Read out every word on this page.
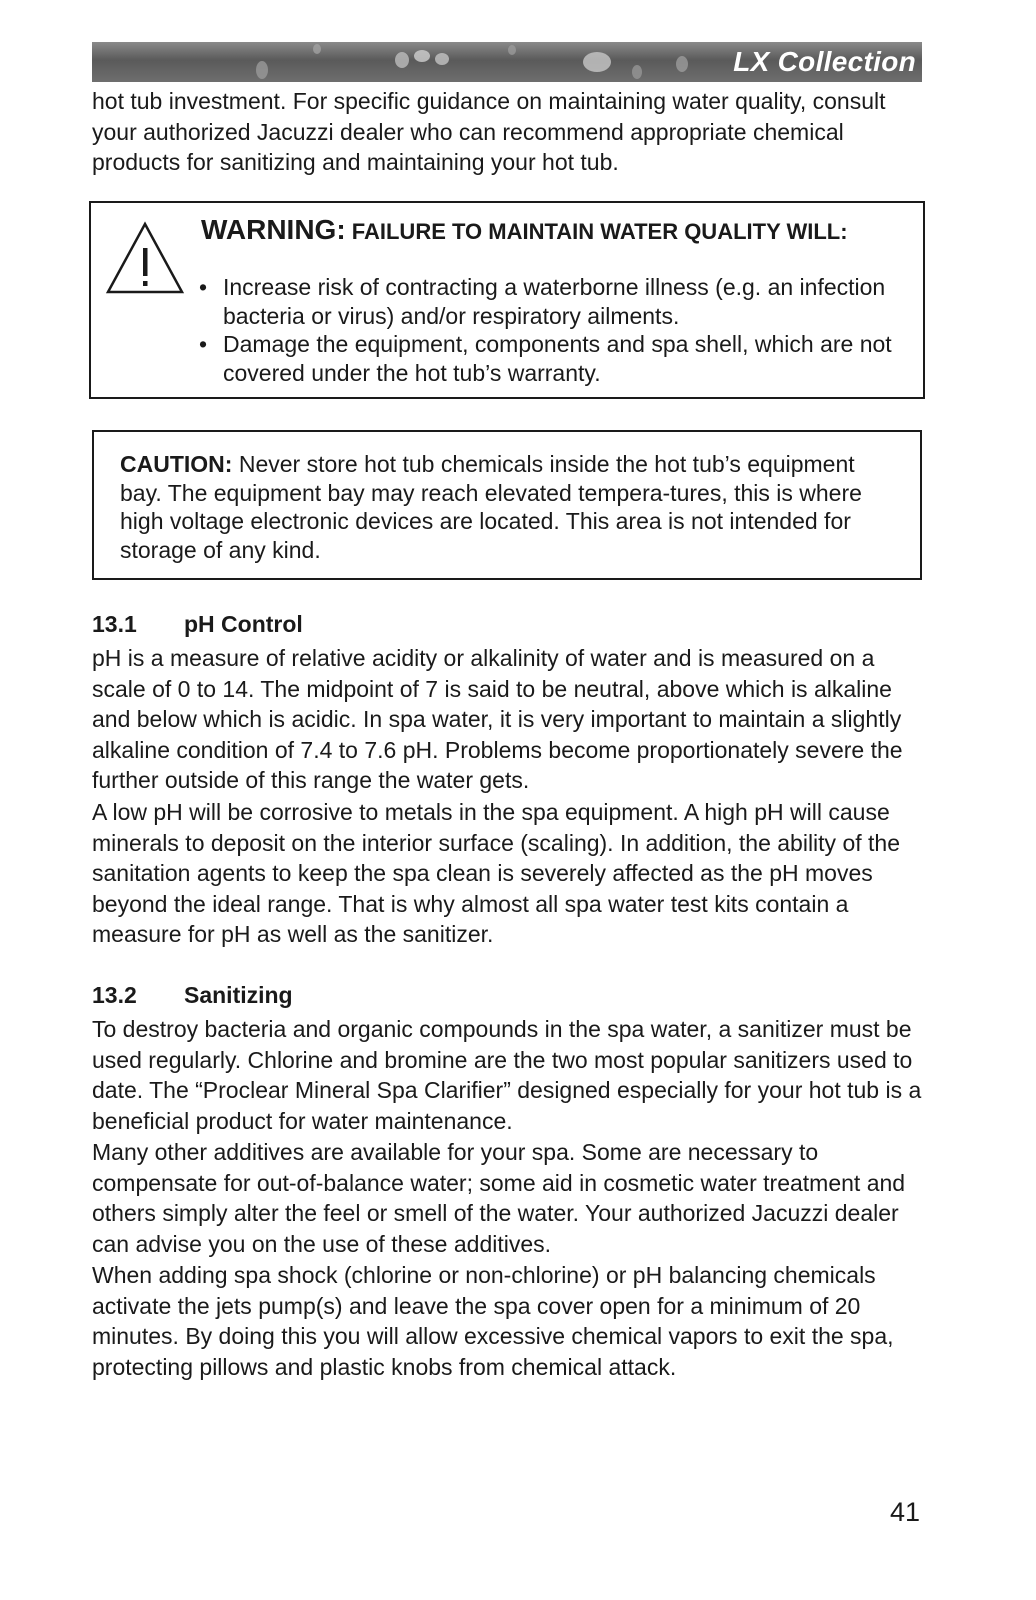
LX Collection

hot tub investment. For specific guidance on maintaining water quality, consult your authorized Jacuzzi dealer who can recommend appropriate chemical products for sanitizing and maintaining your hot tub.

WARNING: FAILURE TO MAINTAIN WATER QUALITY WILL:
• Increase risk of contracting a waterborne illness (e.g. an infection bacteria or virus) and/or respiratory ailments.
• Damage the equipment, components and spa shell, which are not covered under the hot tub’s warranty.

CAUTION: Never store hot tub chemicals inside the hot tub’s equipment bay. The equipment bay may reach elevated tempera-tures, this is where high voltage electronic devices are located. This area is not intended for storage of any kind.

13.1 pH Control

pH is a measure of relative acidity or alkalinity of water and is measured on a scale of 0 to 14. The midpoint of 7 is said to be neutral, above which is alkaline and below which is acidic. In spa water, it is very important to maintain a slightly alkaline condition of 7.4 to 7.6 pH. Problems become proportionately severe the further outside of this range the water gets.

A low pH will be corrosive to metals in the spa equipment. A high pH will cause minerals to deposit on the interior surface (scaling). In addition, the ability of the sanitation agents to keep the spa clean is severely affected as the pH moves beyond the ideal range. That is why almost all spa water test kits contain a measure for pH as well as the sanitizer.

13.2 Sanitizing

To destroy bacteria and organic compounds in the spa water, a sanitizer must be used regularly. Chlorine and bromine are the two most popular sanitizers used to date. The “Proclear Mineral Spa Clarifier” designed especially for your hot tub is a beneficial product for water maintenance.

Many other additives are available for your spa. Some are necessary to compensate for out-of-balance water; some aid in cosmetic water treatment and others simply alter the feel or smell of the water. Your authorized Jacuzzi dealer can advise you on the use of these additives.

When adding spa shock (chlorine or non-chlorine) or pH balancing chemicals activate the jets pump(s) and leave the spa cover open for a minimum of 20 minutes. By doing this you will allow excessive chemical vapors to exit the spa, protecting pillows and plastic knobs from chemical attack.

41
